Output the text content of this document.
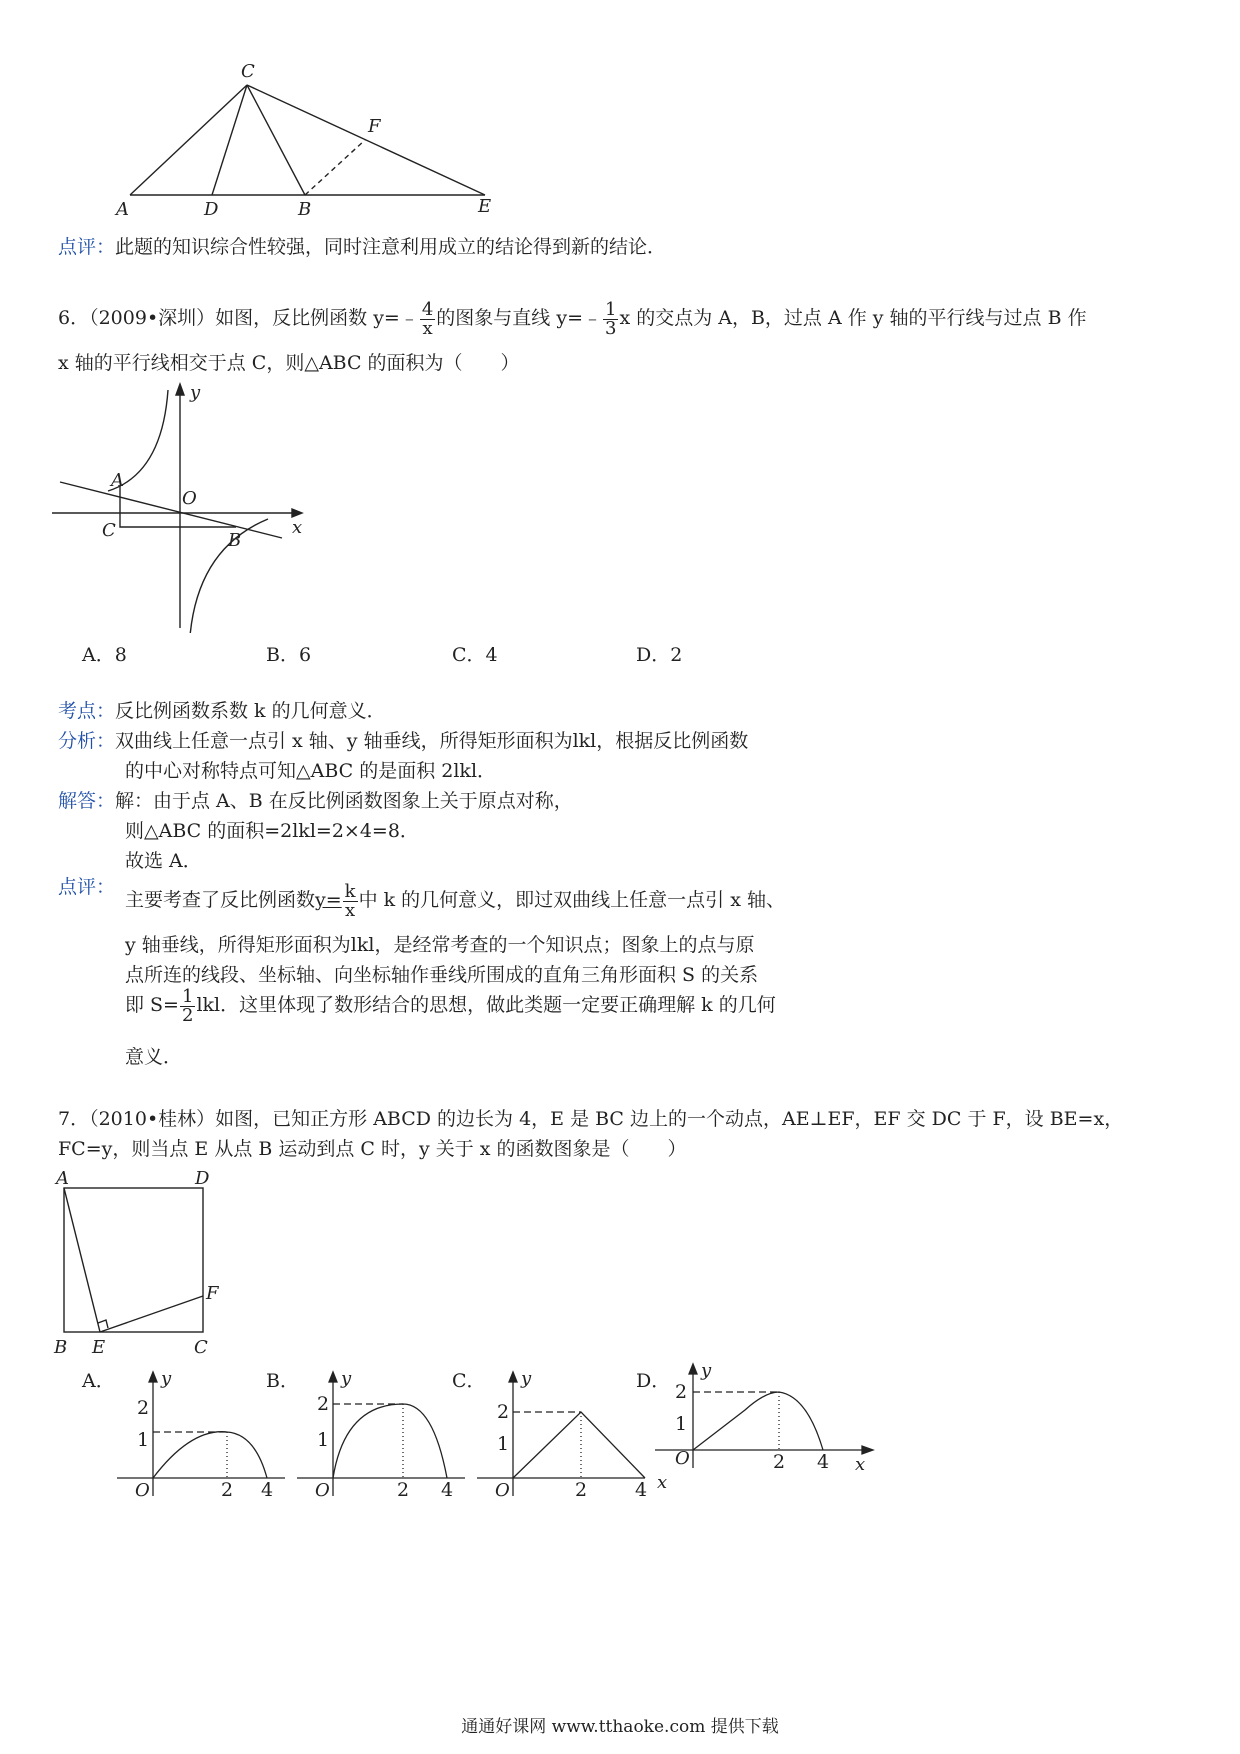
A	D	B	E
C
F
点评：此题的知识综合性较强，同时注意利用成立的结论得到新的结论．
6．（2009•深圳）如图，反比例函数 y=﹣ $\frac{4}{x}$ 的图象与直线 y=﹣ $\frac{1}{3}$ x 的交点为 A，B，过点 A 作 y 轴的平行线与过点 B 作
x 轴的平行线相交于点 C，则△ABC 的面积为（　　）
y
x
O
A
B
C
A．8	B．6	C．4	D．2
考点：反比例函数系数 k 的几何意义．
分析：双曲线上任意一点引 x 轴、y 轴垂线，所得矩形面积为lkl，根据反比例函数
的中心对称特点可知△ABC 的是面积 2lkl．
解答：解：由于点 A、B 在反比例函数图象上关于原点对称，
则△ABC 的面积=2lkl=2×4=8．
故选 A．
点评：
主要考查了反比例函数$y= \frac{k}{x}$ 中 k 的几何意义，即过双曲线上任意一点引 x 轴、
y 轴垂线，所得矩形面积为lkl，是经常考查的一个知识点；图象上的点与原
点所连的线段、坐标轴、向坐标轴作垂线所围成的直角三角形面积 S 的关系
即 $S= \frac{1}{2}$ lkl．这里体现了数形结合的思想，做此类题一定要正确理解 k 的几何
意义．
7．（2010•桂林）如图，已知正方形 ABCD 的边长为 4，E 是 BC 边上的一个动点，AE⊥EF，EF 交 DC 于 F，设 BE=x，
FC=y，则当点 E 从点 B 运动到点 C 时，y 关于 x 的函数图象是（　　）
A	D
B E	C
F
A．	B．	C．	D．
y
2
1
O	2 4
y
2
1
O	2 4
y
2
1
O	2	4
y
2
1
O	2 4 x
x
通通好课网 www.tthaoke.com 提供下载
